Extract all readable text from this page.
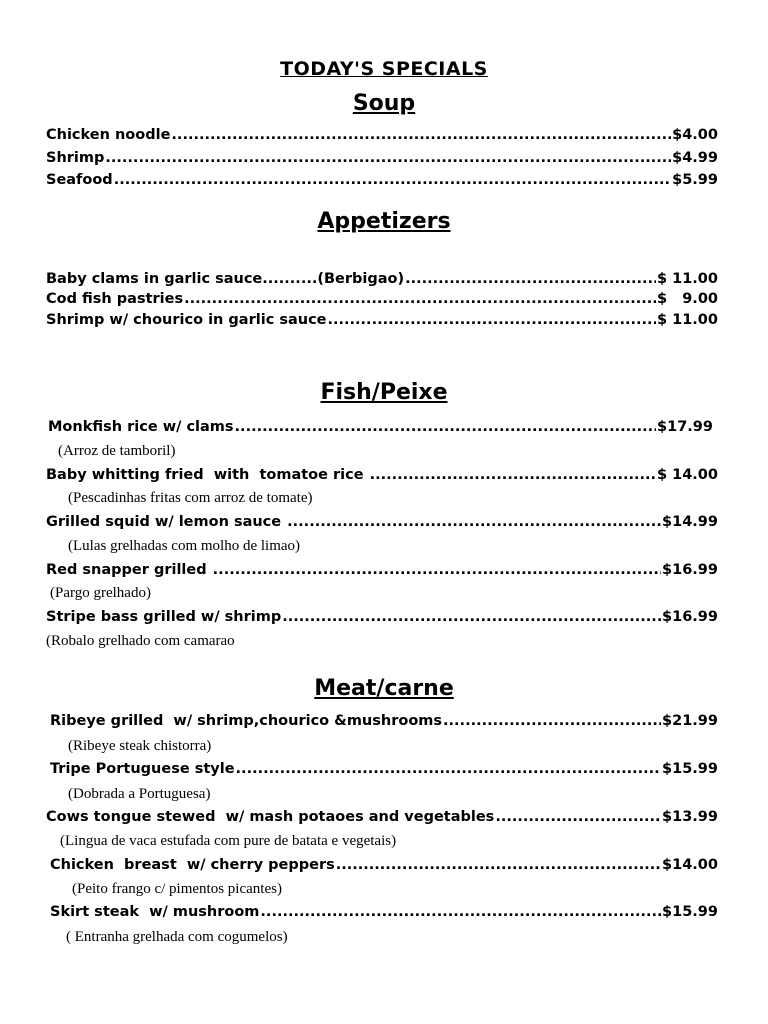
TODAY'S SPECIALS
Soup
Chicken noodle .....	$4.00
Shrimp .....	$4.99
Seafood .....	$5.99
Appetizers
Baby clams in garlic sauce..........(Berbigao) .....	$ 11.00
Cod fish pastries .....	$   9.00
Shrimp w/ chourico in garlic sauce .....	$ 11.00
Fish/Peixe
Monkfish rice w/ clams .....	$17.99
(Arroz de tamboril)
Baby whitting fried  with  tomatoe rice .....	$ 14.00
(Pescadinhas fritas com arroz de tomate)
Grilled squid w/ lemon sauce .....	$14.99
(Lulas grelhadas com molho de limao)
Red snapper grilled .....	$16.99
(Pargo grelhado)
Stripe bass grilled w/ shrimp .....	$16.99
(Robalo grelhado com camarao
Meat/carne
Ribeye grilled  w/ shrimp,chourico &mushrooms .....	$21.99
(Ribeye steak chistorra)
Tripe Portuguese style .....	$15.99
(Dobrada a Portuguesa)
Cows tongue stewed  w/ mash potaoes and vegetables .....	$13.99
(Lingua de vaca estufada com pure de batata e vegetais)
Chicken  breast  w/ cherry peppers .....	$14.00
(Peito frango c/ pimentos picantes)
Skirt steak  w/ mushroom .....	$15.99
( Entranha grelhada com cogumelos)
